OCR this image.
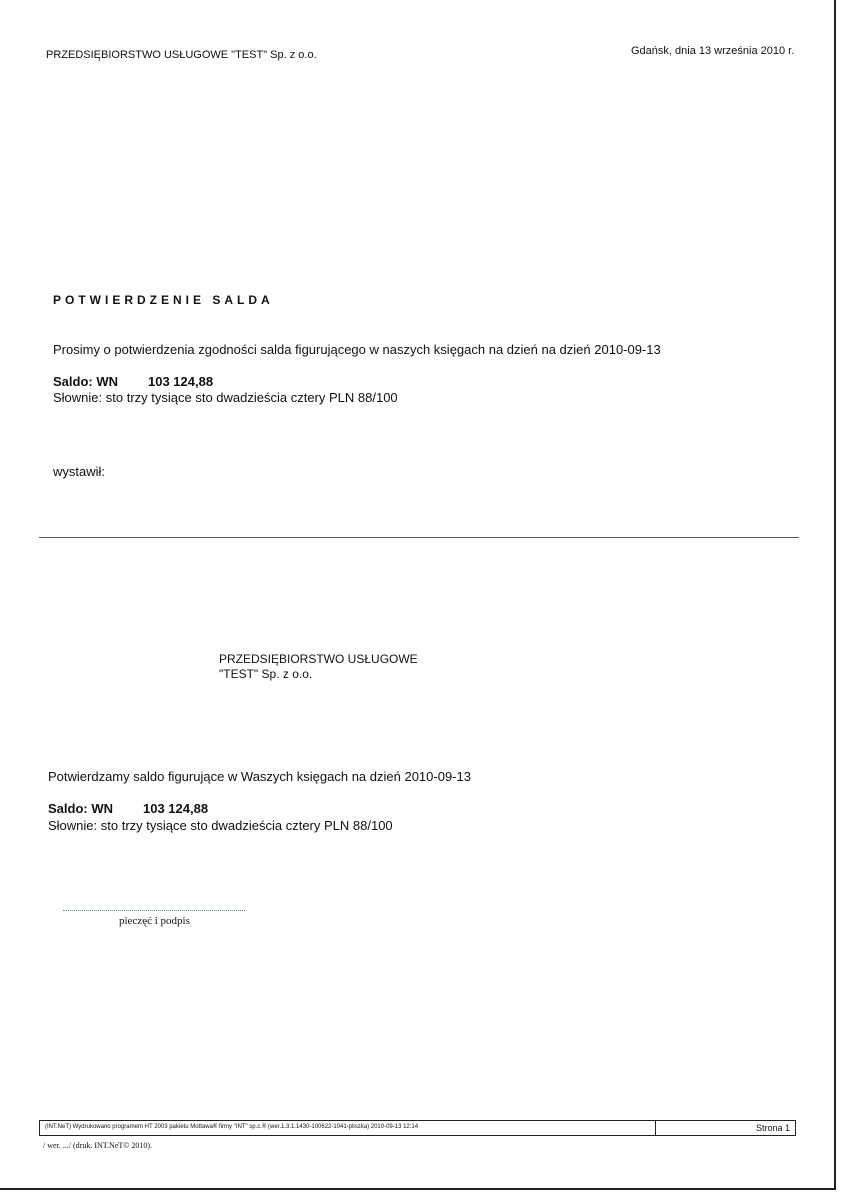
PRZEDSIĘBIORSTWO USŁUGOWE "TEST" Sp. z o.o.	Gdańsk, dnia 13 września 2010 r.
POTWIERDZENIE SALDA
Prosimy o potwierdzenia zgodności salda figurującego w naszych księgach na dzień na dzień 2010-09-13
Saldo: WN 103 124,88
Słownie: sto trzy tysiące sto dwadzieścia cztery PLN 88/100
wystawił:
PRZEDSIĘBIORSTWO USŁUGOWE
"TEST" Sp. z o.o.
Potwierdzamy saldo figurujące w Waszych księgach na dzień 2010-09-13
Saldo: WN 103 124,88
Słownie: sto trzy tysiące sto dwadzieścia cztery PLN 88/100
pieczęć i podpis
(INT.NeT) Wydrukowano programem HT 2003 pakietu Mottawa® firmy "INT" sp.c.® (wer.1.3.1.1430-100622-1041-pliszka) 2010-09-13 12:14	Strona 1
/ wer. .../ (druk. INT.NeT© 2010).
